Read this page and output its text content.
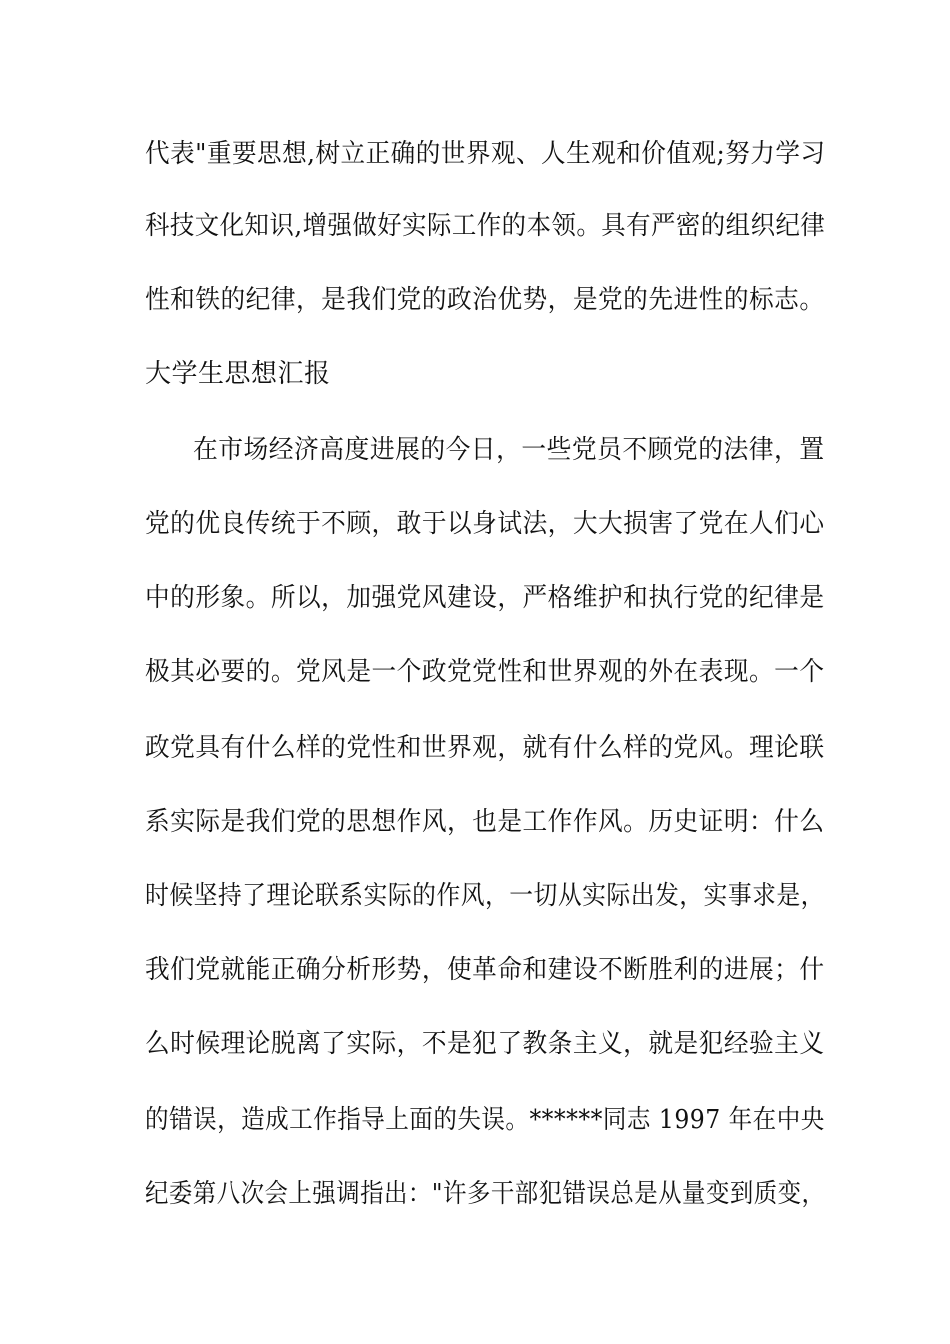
代表"重要思想,树立正确的世界观、人生观和价值观;努力学习
科技文化知识,增强做好实际工作的本领。具有严密的组织纪律
性和铁的纪律，是我们党的政治优势，是党的先进性的标志。
大学生思想汇报
在市场经济高度进展的今日，一些党员不顾党的法律，置
党的优良传统于不顾，敢于以身试法，大大损害了党在人们心
中的形象。所以，加强党风建设，严格维护和执行党的纪律是
极其必要的。党风是一个政党党性和世界观的外在表现。一个
政党具有什么样的党性和世界观，就有什么样的党风。理论联
系实际是我们党的思想作风，也是工作作风。历史证明：什么
时候坚持了理论联系实际的作风，一切从实际出发，实事求是，
我们党就能正确分析形势，使革命和建设不断胜利的进展；什
么时候理论脱离了实际，不是犯了教条主义，就是犯经验主义
的错误，造成工作指导上面的失误。******同志 1997 年在中央
纪委第八次会上强调指出："许多干部犯错误总是从量变到质变，
